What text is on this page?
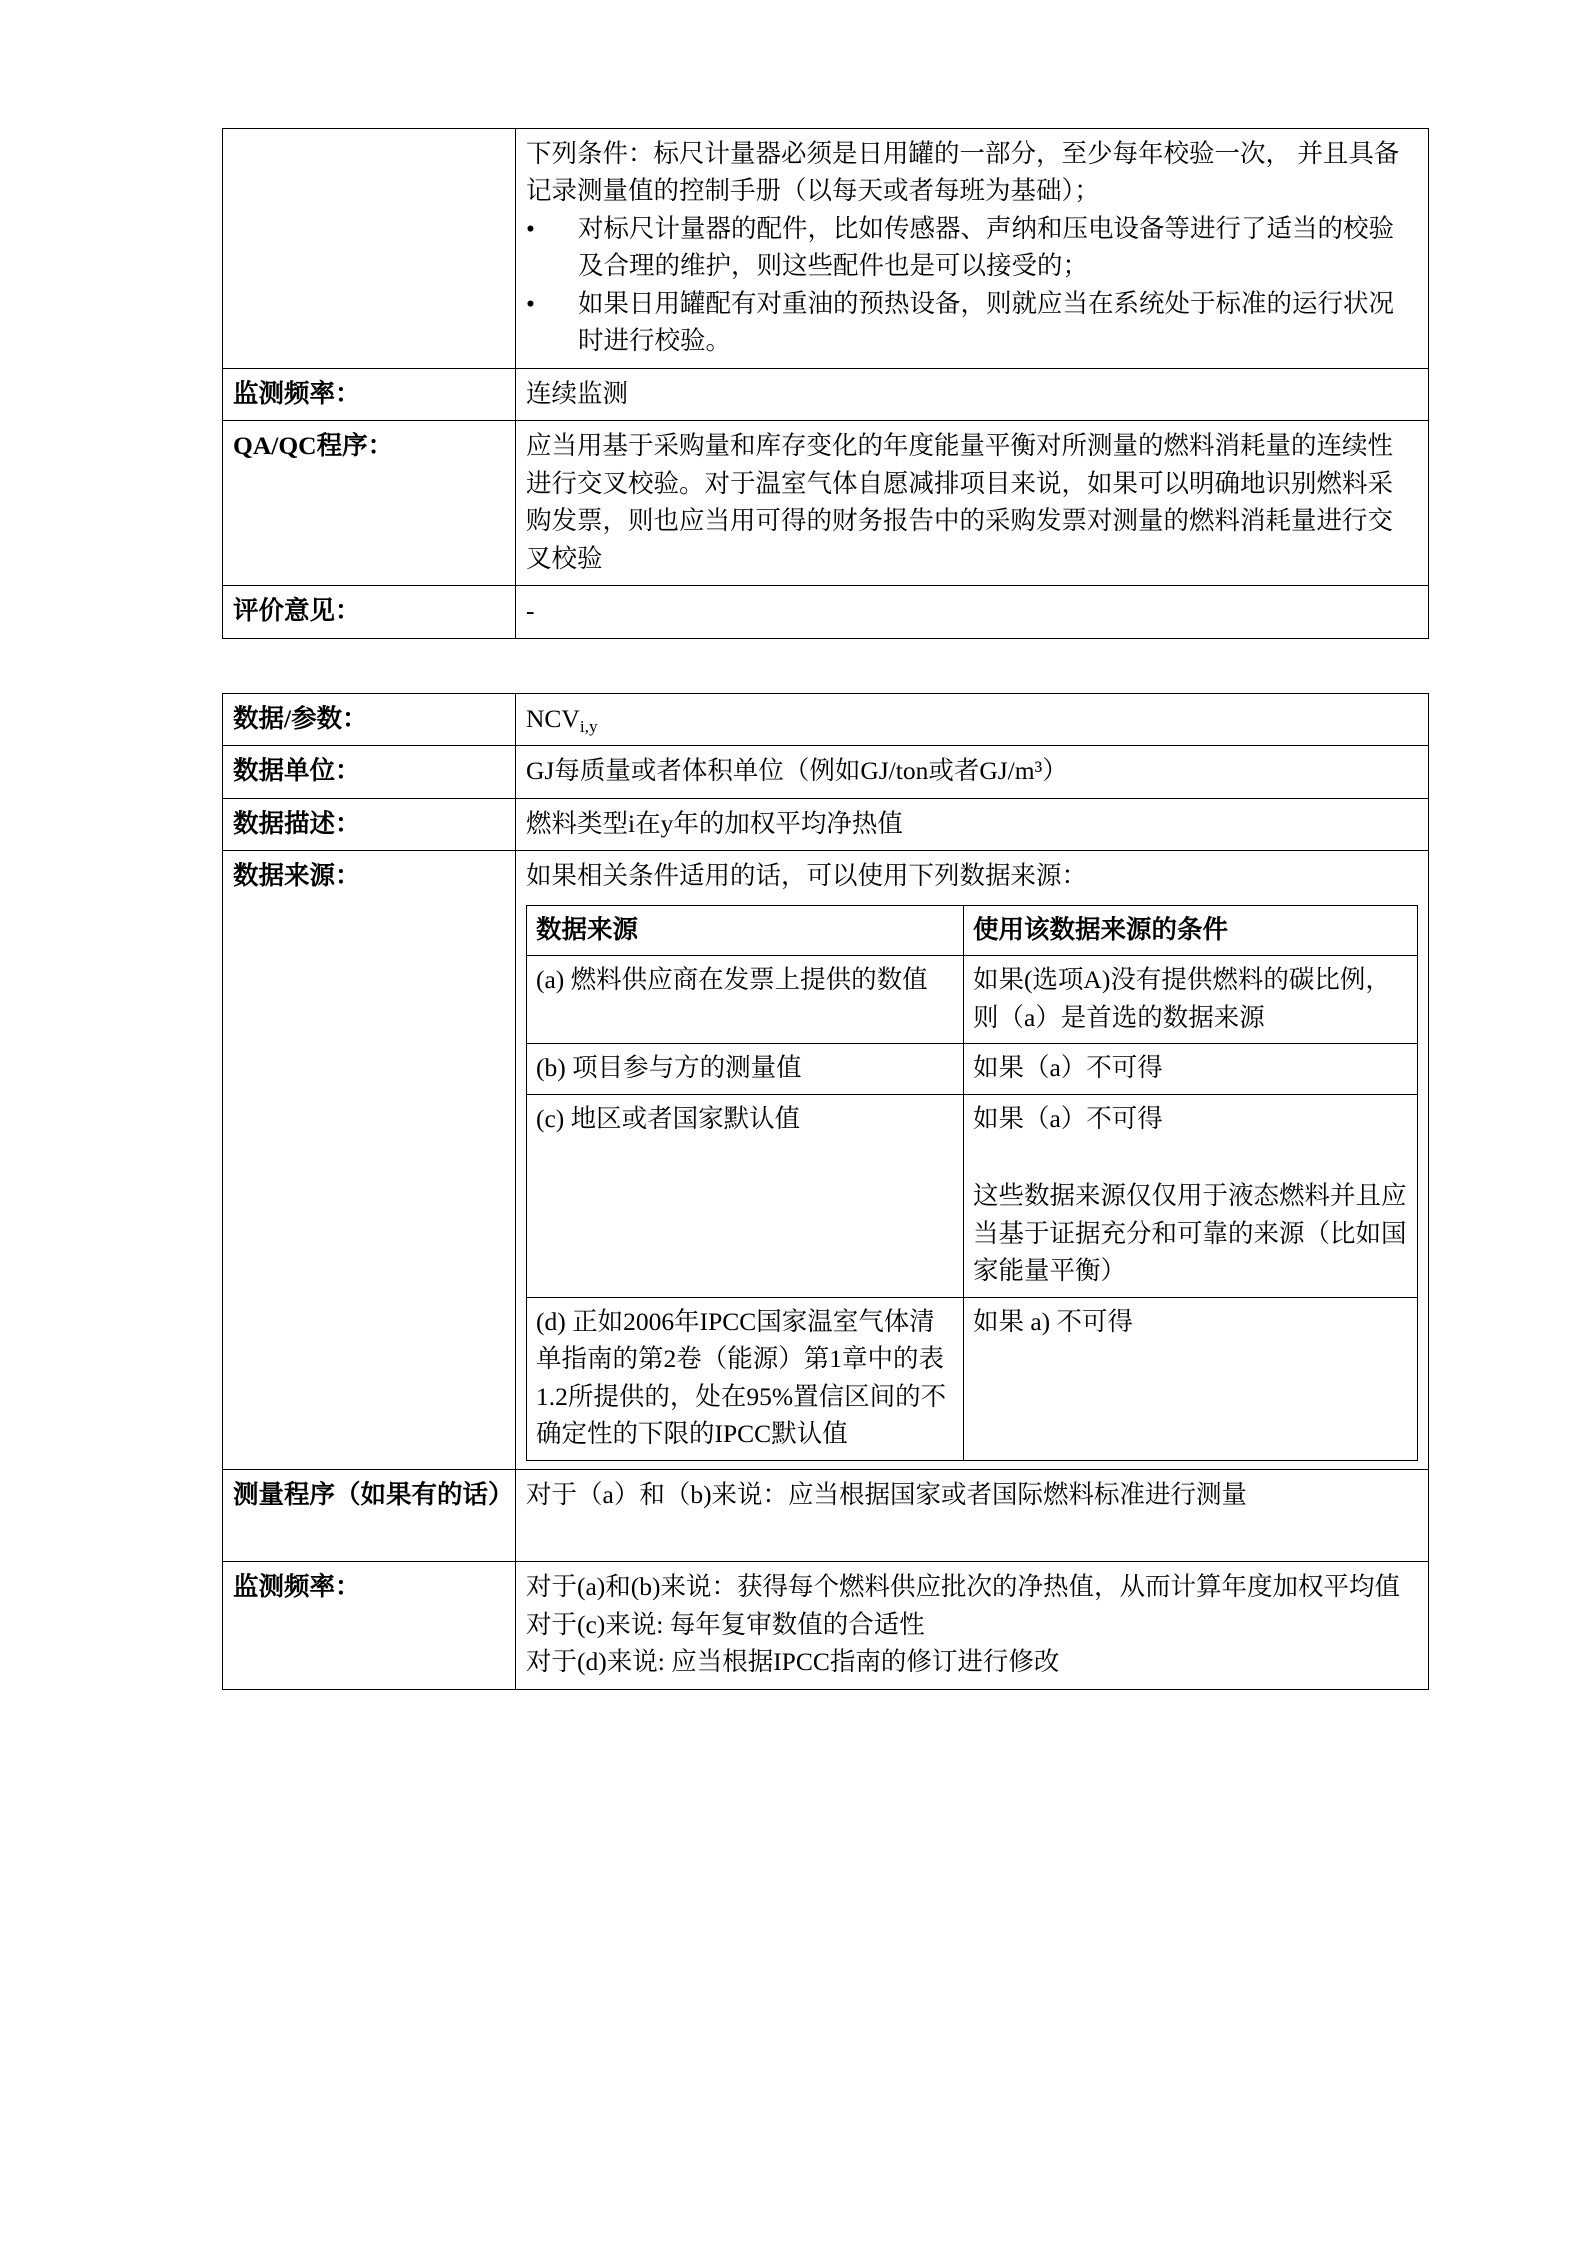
	下列条件：标尺计量器必须是日用罐的一部分，至少每年校验一次， 并且具备记录测量值的控制手册（以每天或者每班为基础）；

• 对标尺计量器的配件，比如传感器、声纳和压电设备等进行了适当的校验及合理的维护，则这些配件也是可以接受的；
• 如果日用罐配有对重油的预热设备，则就应当在系统处于标准的运行状况时进行校验。

监测频率：	连续监测
QA/QC程序：	应当用基于采购量和库存变化的年度能量平衡对所测量的燃料消耗量的连续性进行交叉校验。对于温室气体自愿减排项目来说，如果可以明确地识别燃料采购发票，则也应当用可得的财务报告中的采购发票对测量的燃料消耗量进行交叉校验
评价意见：	-
数据/参数：	$NCV_{i,y}$
数据单位：	GJ每质量或者体积单位（例如GJ/ton或者GJ/m³）
数据描述：	燃料类型i在y年的加权平均净热值
数据来源：	如果相关条件适用的话，可以使用下列数据来源：

数据来源	使用该数据来源的条件
(a) 燃料供应商在发票上提供的数值	如果(选项A)没有提供燃料的碳比例，则（a）是首选的数据来源
(b) 项目参与方的测量值	如果（a）不可得
(c) 地区或者国家默认值	如果（a）不可得

这些数据来源仅仅用于液态燃料并且应当基于证据充分和可靠的来源（比如国家能量平衡）

(d) 正如2006年IPCC国家温室气体清单指南的第2卷（能源）第1章中的表1.2所提供的，处在95%置信区间的不确定性的下限的IPCC默认值	如果 a) 不可得

测量程序（如果有的话）	对于（a）和（b)来说：应当根据国家或者国际燃料标准进行测量

监测频率：	对于(a)和(b)来说：获得每个燃料供应批次的净热值，从而计算年度加权平均值

对于(c)来说: 每年复审数值的合适性

对于(d)来说: 应当根据IPCC指南的修订进行修改
